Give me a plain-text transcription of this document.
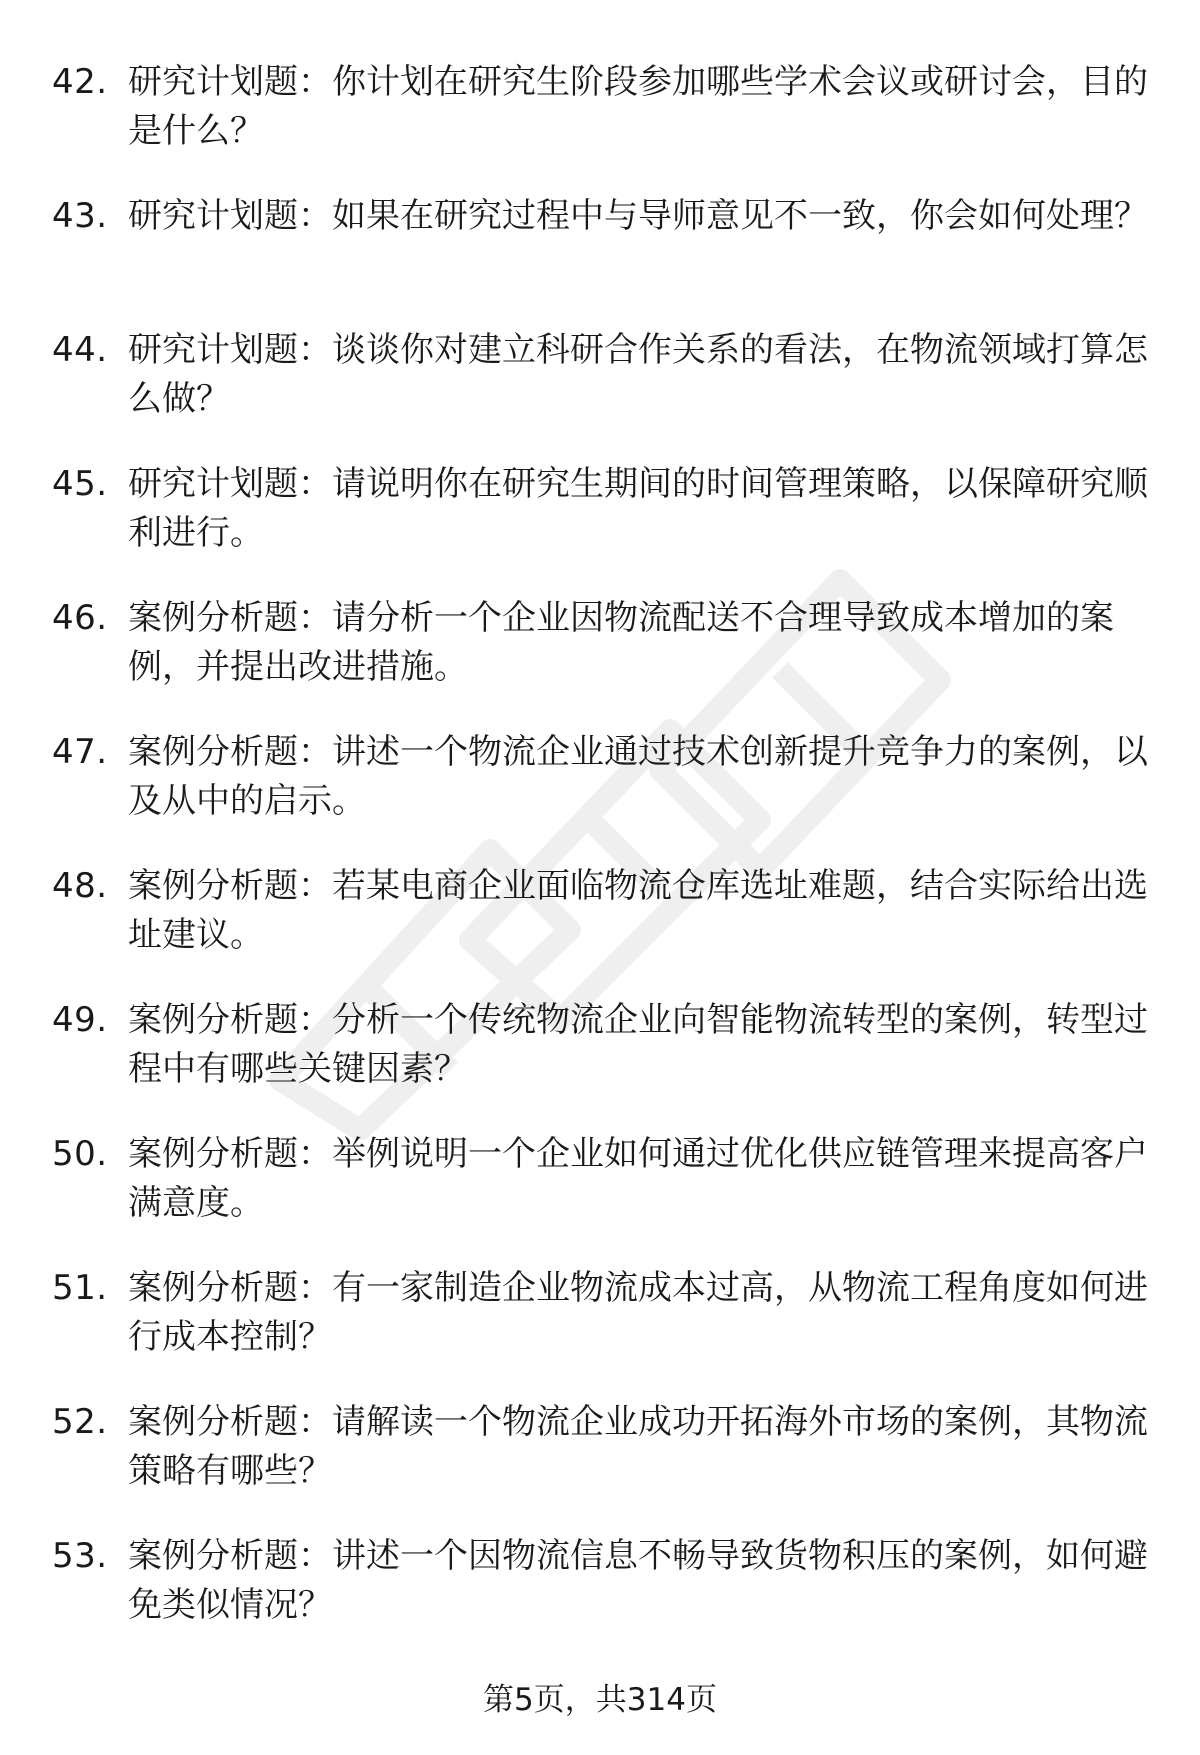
42. 研究计划题：你计划在研究生阶段参加哪些学术会议或研讨会，目的是什么？
43. 研究计划题：如果在研究过程中与导师意见不一致，你会如何处理？
44. 研究计划题：谈谈你对建立科研合作关系的看法，在物流领域打算怎么做？
45. 研究计划题：请说明你在研究生期间的时间管理策略，以保障研究顺利进行。
46. 案例分析题：请分析一个企业因物流配送不合理导致成本增加的案例，并提出改进措施。
47. 案例分析题：讲述一个物流企业通过技术创新提升竞争力的案例，以及从中的启示。
48. 案例分析题：若某电商企业面临物流仓库选址难题，结合实际给出选址建议。
49. 案例分析题：分析一个传统物流企业向智能物流转型的案例，转型过程中有哪些关键因素？
50. 案例分析题：举例说明一个企业如何通过优化供应链管理来提高客户满意度。
51. 案例分析题：有一家制造企业物流成本过高，从物流工程角度如何进行成本控制？
52. 案例分析题：请解读一个物流企业成功开拓海外市场的案例，其物流策略有哪些？
53. 案例分析题：讲述一个因物流信息不畅导致货物积压的案例，如何避免类似情况？
第5页，共314页
